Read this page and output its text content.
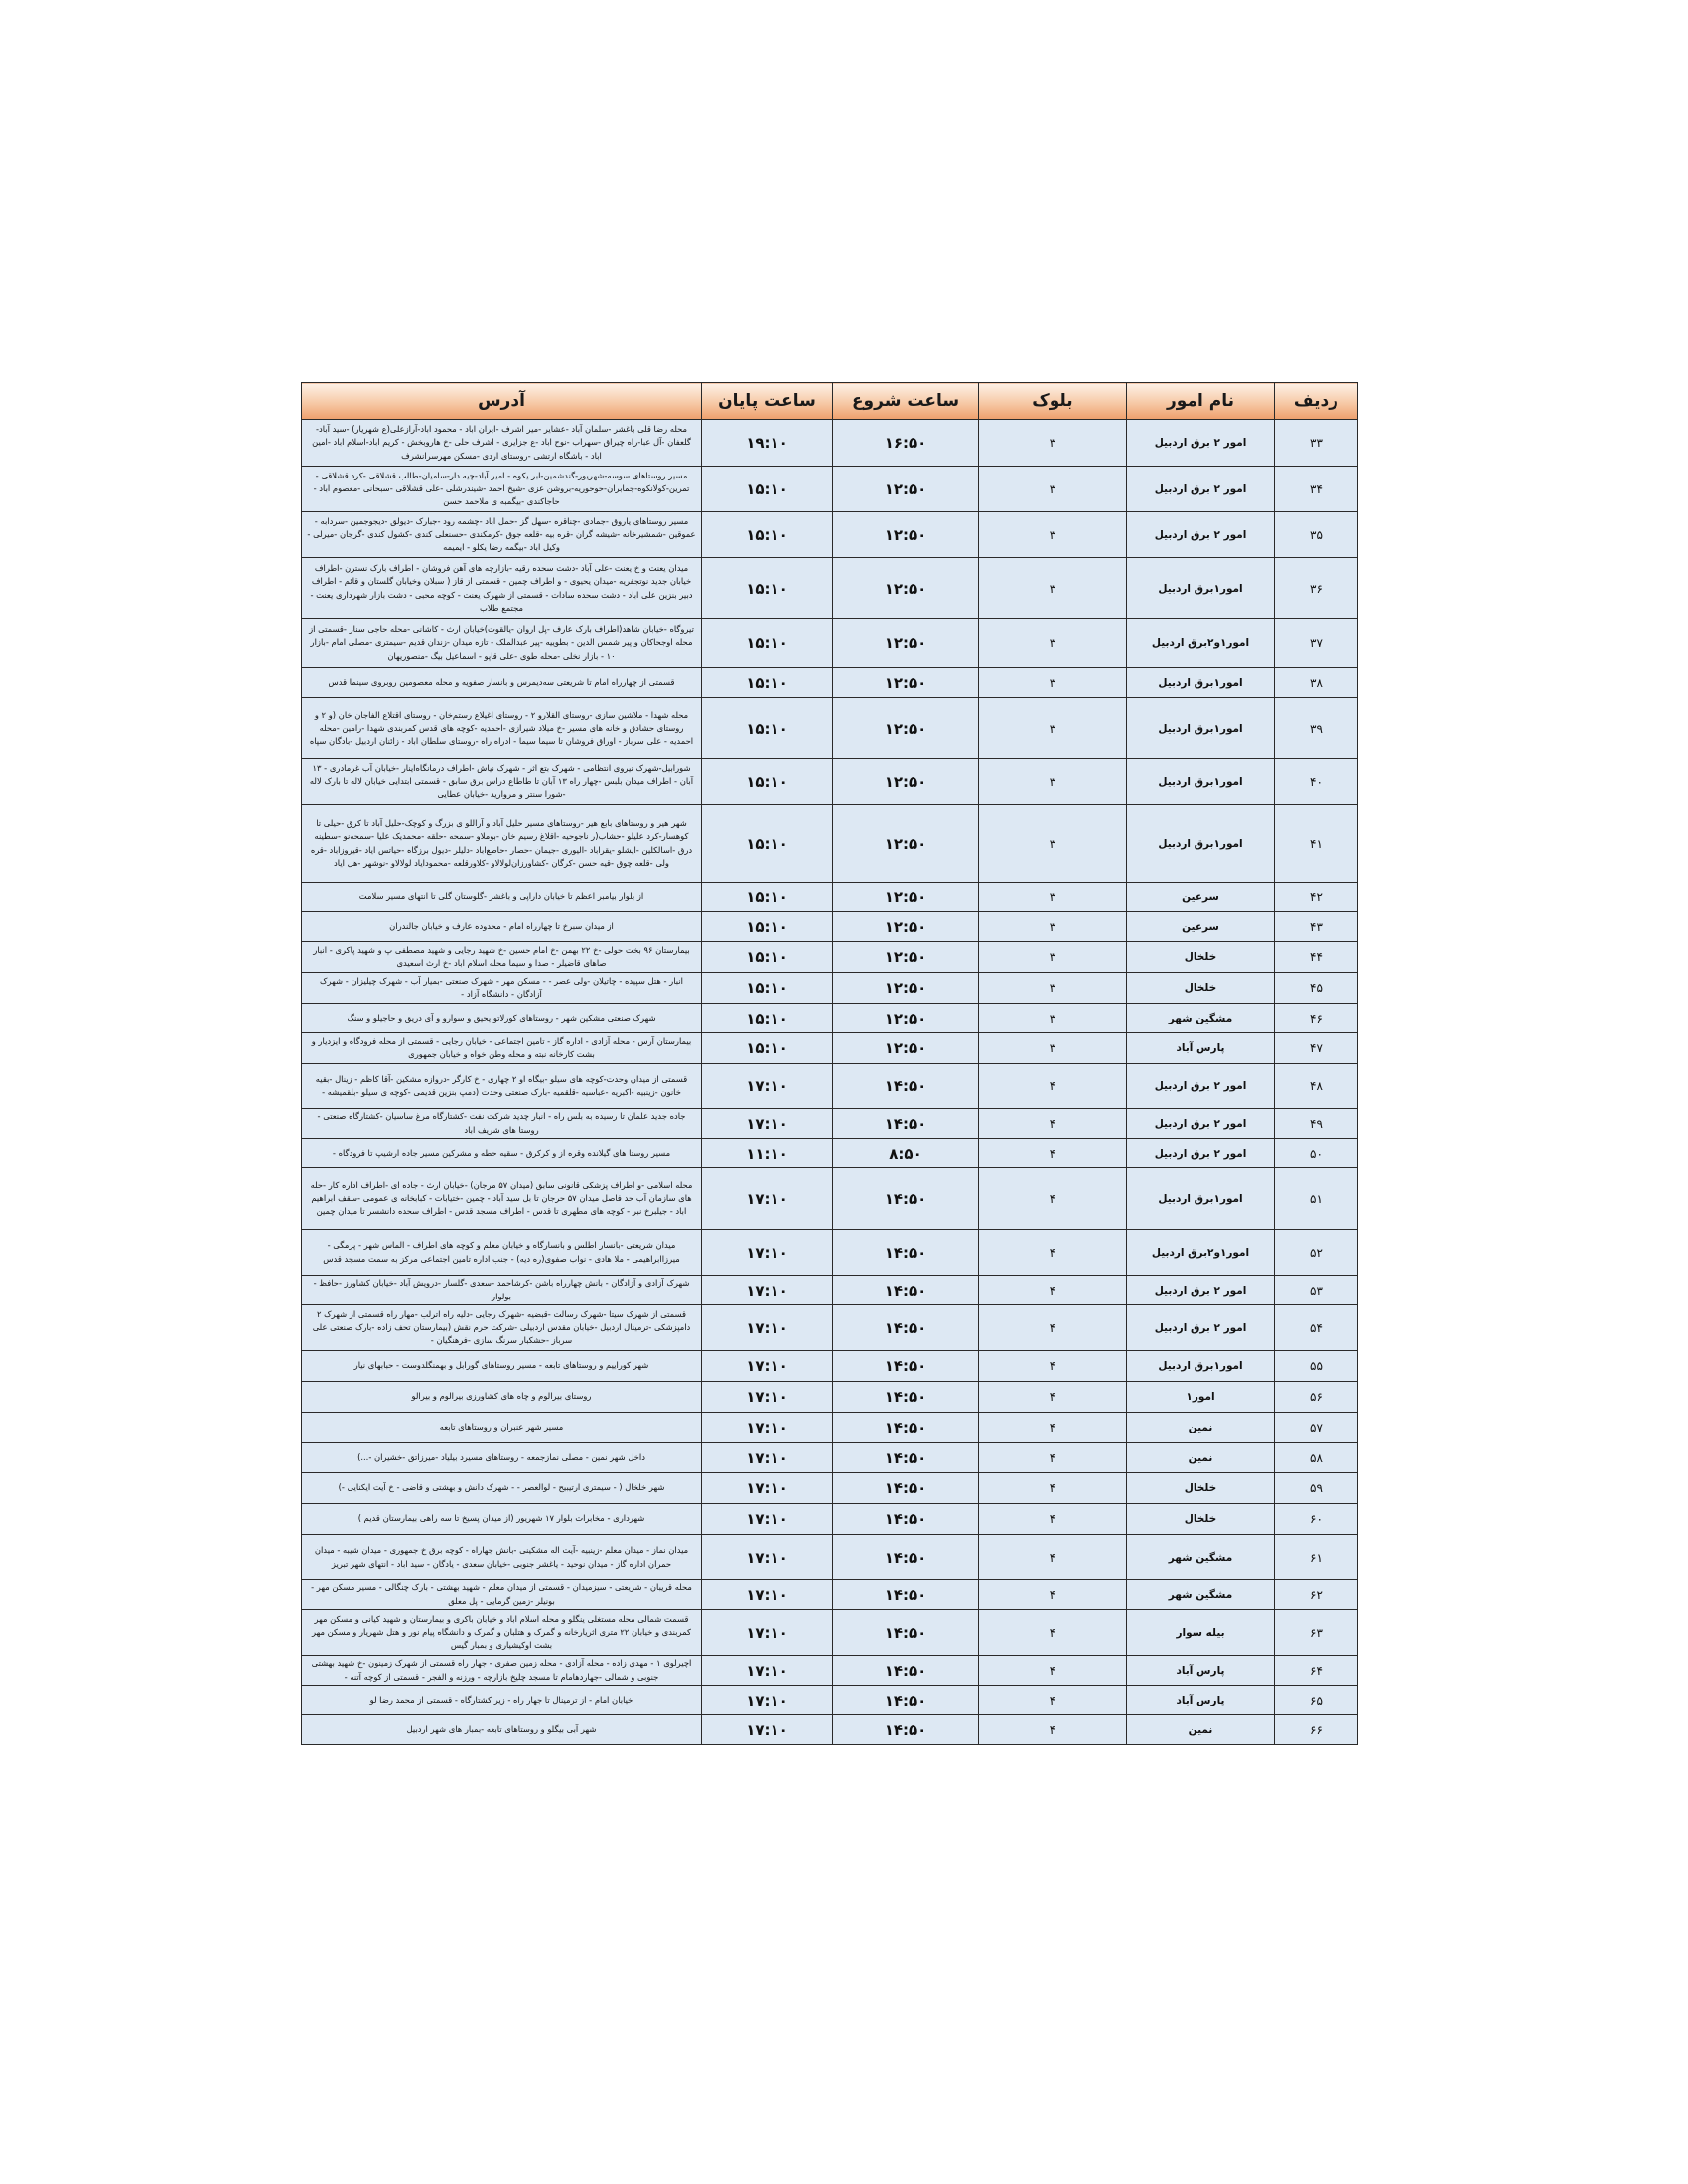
ردیف	نام امور	بلوک	ساعت شروع	ساعت پایان	آدرس
۳۳	امور ۲ برق اردبیل	۳	۱۶:۵۰	۱۹:۱۰	محله رضا قلی باغشر -سلمان آباد -عشایر -میر اشرف -ایران اباد - محمود اباد-آرازعلی(ع شهریار) -سید آباد-گلعفان -آل عبا-راه چیراق -سهراب -نوح اباد -ع جزایری - اشرف حلی -خ هاروبخش - کریم اباد-اسلام اباد -امین اباد - باشگاه ارتشی -روستای اردی -مسکن مهرسرانشرف
۳۴	امور ۲ برق اردبیل	۳	۱۲:۵۰	۱۵:۱۰	مسیر روستاهای سوسه-شهریور-گندشمین-ابر یکوه - امیر آباد-چیه دار-سامیان-طالب قشلاقی -کرد قشلاقی - تمرین-کولانکوه-جمابران-حوحوریه-بروشن عزی -شیخ احمد -شیندرشلی -علی قشلاقی -سبحانی -معصوم اباد - حاجاکندی -بیگمبه ی ملاحمد حسن
۳۵	امور ۲ برق اردبیل	۳	۱۲:۵۰	۱۵:۱۰	مسیر روستاهای یاروق -جمادی -چناقره -سهل گز -حمل اباد -چشمه رود -جبارک -دیولق -دیجوجمین -سردابه - عموقین -شمشیرخانه -شیشه گران -قره بیه -قلعه جوق -کرمکندی -حسنعلی کندی -کشول کندی -گرجان -میرلی - وکیل اباد -بیگمه رضا یکلو - ایمیمه
۳۶	امور۱برق اردبیل	۳	۱۲:۵۰	۱۵:۱۰	میدان یعنت و خ یعنت -علی آباد -دشت سحده رقیه -بازارچه های آهن فروشان - اطراف بارک نسترن -اطراف خیابان جدید نوتجفریه -میدان یحیوی - و اطراف چمین - قسمتی از قاز ( سبلان وخیابان گلستان و قائم - اطراف دبیر بنزین علی اباد - دشت سحده سادات - قسمتی از شهرک یعنت - کوچه محبی - دشت بازار شهرداری یعنت - مجتمع طلاب
۳۷	امور۱و۲برق اردبیل	۳	۱۲:۵۰	۱۵:۱۰	تیروگاه -خیابان شاهد(اطراف بارک عارف -پل اروان -یالقوت)خیابان ارث - کاشانی -محله حاجی سنار -قسمتی از محله اوجحاکان و پیر شمس الدین - بطوییه -پیر عبدالملک - تازه میدان -زندان قدیم -سیمتری -مصلی امام -بازار ۱۰ - بازار نخلی -محله طوی -علی قاپو - اسماعیل بیگ -منصوریهان
۳۸	امور۱برق اردبیل	۳	۱۲:۵۰	۱۵:۱۰	قسمتی از چهارراه امام تا شریعتی سه‌دیمرس و بانسار صفویه و محله معصومین روبروی سینما قدس
۳۹	امور۱برق اردبیل	۳	۱۲:۵۰	۱۵:۱۰	محله شهدا - ملاشین سازی -روستای القلارو ۲ - روستای اغیلاع رستم‌خان - روستای اقتلاع الفاجان خان (و ۲ و روستای حشادق و خانه های مسیر -خ میلاد شیرازی -احمدیه -کوچه های قدس کمربندی شهدا -رامین -محله احمدیه - علی سرباز - اوراق فروشان تا سیما سیما - ادراه راه -روستای سلطان اباد - زائنان اردبیل -بادگان سپاه
۴۰	امور۱برق اردبیل	۳	۱۲:۵۰	۱۵:۱۰	شورابیل-شهرک نیروی انتظامی - شهرک بتع اثر - شهرک نیاش -اطراف درمانگاه‌اینار -خیابان آب غرمادری - ۱۳ آبان - اطراف میدان بلبس -چهار راه ۱۳ آبان تا طاطاع دراس برق سابق - قسمتی ابتدایی خیابان لاله تا بارک لاله -شورا سنتر و مروارید -خیابان عطایی
۴۱	امور۱برق اردبیل	۳	۱۲:۵۰	۱۵:۱۰	شهر هیر و روستاهای بابع هیر -روستاهای مسیر حلیل آباد و آراللو ی بزرگ و کوچک-حلیل آباد تا کرق -حیلی تا کوهسار-کرد علیلو -حشاب(ر ناجوحیه -اقلاغ رسیم خان -بوملاو -سمحه -حلقه -محمدیک علیا -سمحه‌نو -سطینه درق -اسالکلین -ایشلو -یقراباد -الیوری -جیمان -حصار -حاطع‌اباد -دلیلر -دیول برزگاه -حیاتس ایاد -قیروزاباد -قره ولی -قلعه چوق -قیه حسن -کرگان -کشاورزان‌لولالاو -کلاورقلعه -محمودایاد لولالاو -نوشهر -هل ایاد
۴۲	سرعین	۳	۱۲:۵۰	۱۵:۱۰	از بلوار بیامبر اعظم تا خیابان داراپی و باغشر -گلوستان گلی تا انتهای مسیر سلامت
۴۳	سرعین	۳	۱۲:۵۰	۱۵:۱۰	از میدان سبرخ تا چهارراه امام - محدوده عارف و خیابان جالندران
۴۴	خلخال	۳	۱۲:۵۰	۱۵:۱۰	بیمارستان ۹۶ بخت حولی -خ ۲۲ بهمن -خ امام حسین -خ شهید رجایی و شهید مصطفی پ و شهید پاکری - انبار صاهای قاضیلر - صدا و سیما محله اسلام اباد -خ ارث اسعیدی
۴۵	خلخال	۳	۱۲:۵۰	۱۵:۱۰	انبار - هتل سپیده - چاتیلان -ولی عصر - - مسکن مهر - شهرک صنعتی -بمیار آب - شهرک چیلیزان - شهرک آزادگان - دانشگاه آزاد -
۴۶	مشگین شهر	۳	۱۲:۵۰	۱۵:۱۰	شهرک صنعتی مشکین شهر - روستاهای کورلاتو یحیق و سوارو و آی دریق و حاجیلو و سنگ
۴۷	پارس آباد	۳	۱۲:۵۰	۱۵:۱۰	بیمارستان آرس - محله آزادی - اداره گاز - تامین اجتماعی - خیابان رجایی - قسمتی از محله فرودگاه و ایزدیار و بشت کارخانه نبته و محله وطن خواه و خیابان جمهوری
۴۸	امور ۲ برق اردبیل	۴	۱۴:۵۰	۱۷:۱۰	قسمتی از میدان وحدت-کوچه های سیلو -بیگاه او ۲ چهاری - خ کارگر -دروازه مشکین -آقا کاظم - زینال -بقیه خانون -زینبیه -اکبریه -عباسیه -قلقمیه -بارک صنعتی وحدت (دمپ بنزین قدیمی -کوچه ی سیلو -بلقمیشه -
۴۹	امور ۲ برق اردبیل	۴	۱۴:۵۰	۱۷:۱۰	جاده جدید علمان تا رسیده به بلس راه - انبار چدید شرکت نفت -کشتارگاه مرغ ساسیان -کشتارگاه صنعتی - روستا های شریف اباد
۵۰	امور ۲ برق اردبیل	۴	۸:۵۰	۱۱:۱۰	مسیر روستا های گیلانده وقره از و کرکرق - سقیه حطه و مشرکین مسیر جاده ارشیپ تا فرودگاه -
۵۱	امور۱برق اردبیل	۴	۱۴:۵۰	۱۷:۱۰	محله اسلامی -و اطراف پزشکی قانونی سابق (میدان ۵۷ مرجان) -خیابان ارث - جاده ای -اطراف اداره کار -حله های سازمان آب حد فاصل میدان ۵۷ حرجان تا بل سید آباد - چمین -ختیابات - کبابخانه ی عمومی -سقف ابراهیم اباد - جیلبرخ نبر - کوچه های مطهری تا قدس - اطراف مسجد قدس - اطراف سحده دانشسر تا میدان چمین
۵۲	امور۱و۲برق اردبیل	۴	۱۴:۵۰	۱۷:۱۰	میدان شریعتی -بانسار اطلس و بانسار‌گاه و خیابان معلم و کوچه های اطراف - الماس شهر - پرمگی - میرزاابراهیمی - ملا هادی - نواب صفوی(ره دیه) - جنب اداره تامین اجتماعی مرکز به سمت مسجد قدس
۵۳	امور ۲ برق اردبیل	۴	۱۴:۵۰	۱۷:۱۰	شهرک آزادی و آزادگان - بانش چهارراه باشن -کرشاحمد -سعدی -گلسار -درویش آباد -خیابان کشاورز -حافظ - بولوار
۵۴	امور ۲ برق اردبیل	۴	۱۴:۵۰	۱۷:۱۰	قسمتی از شهرک سیتا -شهرک رسالت -قبضیه -شهرک رجایی -دلیه راه اترلب -مهار راه قسمتی از شهرک ۲ دامپزشکی -ترمینال اردبیل -خیابان مقدس اردبیلی -شرکت حرم نقش (بیمارستان تحف زاده -بارک صنعتی علی سرباز -حشکبار سرنگ سازی -فرهنگیان -
۵۵	امور۱برق اردبیل	۴	۱۴:۵۰	۱۷:۱۰	شهر کوراییم و روستاهای تابعه - مسیر روستاهای گورابل و بهمنگلدوست - حبابهای نیار
۵۶	امور۱	۴	۱۴:۵۰	۱۷:۱۰	روستای بیرالوم و چاه های کشاورزی بیرالوم و بیرالو
۵۷	نمین	۴	۱۴:۵۰	۱۷:۱۰	مسیر شهر عنبران و روستاهای تابعه
۵۸	نمین	۴	۱۴:۵۰	۱۷:۱۰	داخل شهر نمین - مصلی نمازجمعه - روستاهای مسیرد بیلیاد -میرزاتق -خشیران -...)
۵۹	خلخال	۴	۱۴:۵۰	۱۷:۱۰	شهر خلخال ( - سیمتری ارتیبیح - لوالعصر - - شهرک دانش و بهشتی و قاضی - خ آیت ایکنایی -)
۶۰	خلخال	۴	۱۴:۵۰	۱۷:۱۰	شهرداری - مخابرات بلوار ۱۷ شهریور (از میدان پسیخ تا سه راهی بیمارستان قدیم )
۶۱	مشگین شهر	۴	۱۴:۵۰	۱۷:۱۰	میدان نماز - میدان معلم -زینبیه -آیت اله مشکینی -بانش جهاراه - کوچه برق خ جمهوری - میدان شیبه - میدان حمران اداره گاز - میدان نوحید - یاغشر جنوبی -خیابان سعدی - یادگان - سید اباد - انتهای شهر تبریز
۶۲	مشگین شهر	۴	۱۴:۵۰	۱۷:۱۰	محله قریبان - شریعتی - سیزمیدان - قسمتی از میدان معلم - شهید بهشتی - بارک چنگالی - مسیر مسکن مهر - بونیلر -زمین گرمایی - پل معلق
۶۳	بیله سوار	۴	۱۴:۵۰	۱۷:۱۰	قسمت شمالی محله مستغلی ینگلو و محله اسلام اباد و خیابان باکری و بیمارستان و شهید کیانی و مسکن مهر کمربندی و خیابان ۲۲ متری اثریارخانه و گمرک و هتلبان و گمرک و دانشگاه پیام نور و هتل شهریار و مسکن مهر بشت اوکیشیاری و بمبار گیس
۶۴	پارس آباد	۴	۱۴:۵۰	۱۷:۱۰	اچیرلوی ۱ - مهدی زاده - محله آزادی - محله زمین صفری - جهار راه قسمتی از شهرک زمینون -خ شهید بهشتی جنوبی و شمالی -جهاردهامام تا مسجد چلیخ بازارچه - ورزنه و الفجر - قسمتی از کوچه آتنه -
۶۵	پارس آباد	۴	۱۴:۵۰	۱۷:۱۰	خیابان امام - از ترمینال تا جهار راه - زیر کشتارگاه - قسمتی از محمد رضا لو
۶۶	نمین	۴	۱۴:۵۰	۱۷:۱۰	شهر آبی بیگلو و روستاهای تابعه -بمبار های شهر اردبیل
